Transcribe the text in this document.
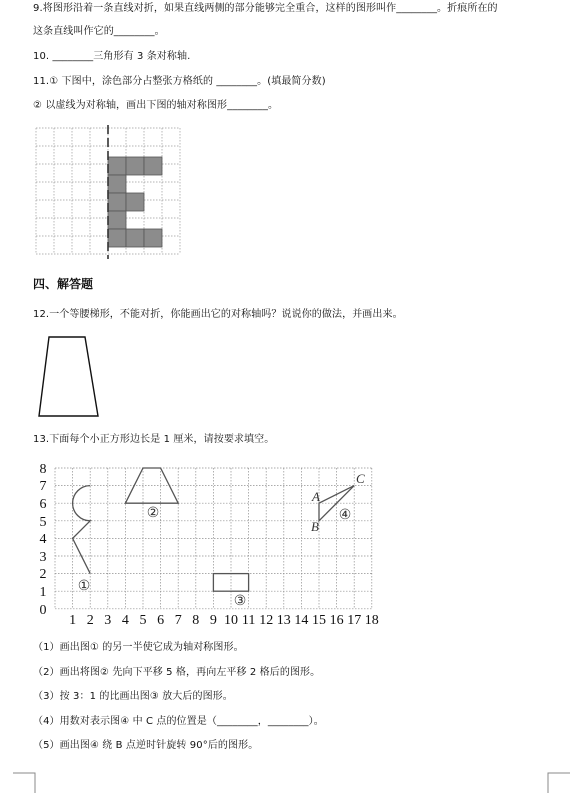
9.将图形沿着一条直线对折，如果直线两侧的部分能够完全重合，这样的图形叫作________。折痕所在的
这条直线叫作它的________。
10. ________三角形有 3 条对称轴.
11.① 下图中，涂色部分占整张方格纸的 ________。(填最简分数)
② 以虚线为对称轴，画出下图的轴对称图形________。
四、解答题
12.一个等腰梯形，不能对折，你能画出它的对称轴吗？说说你的做法，并画出来。
13.下面每个小正方形边长是 1 厘米，请按要求填空。
0
1
2
3
4
5
6
7
8
1 2 3 4 5 6 7 8 9 10 11 12 13 14 15 16 17 18
①
②
③
A
B
C
④
（1）画出图① 的另一半使它成为轴对称图形。
（2）画出将图② 先向下平移 5 格，再向左平移 2 格后的图形。
（3）按 3：1 的比画出图③ 放大后的图形。
（4）用数对表示图④ 中 C 点的位置是（________，________）。
（5）画出图④ 绕 B 点逆时针旋转 90°后的图形。
